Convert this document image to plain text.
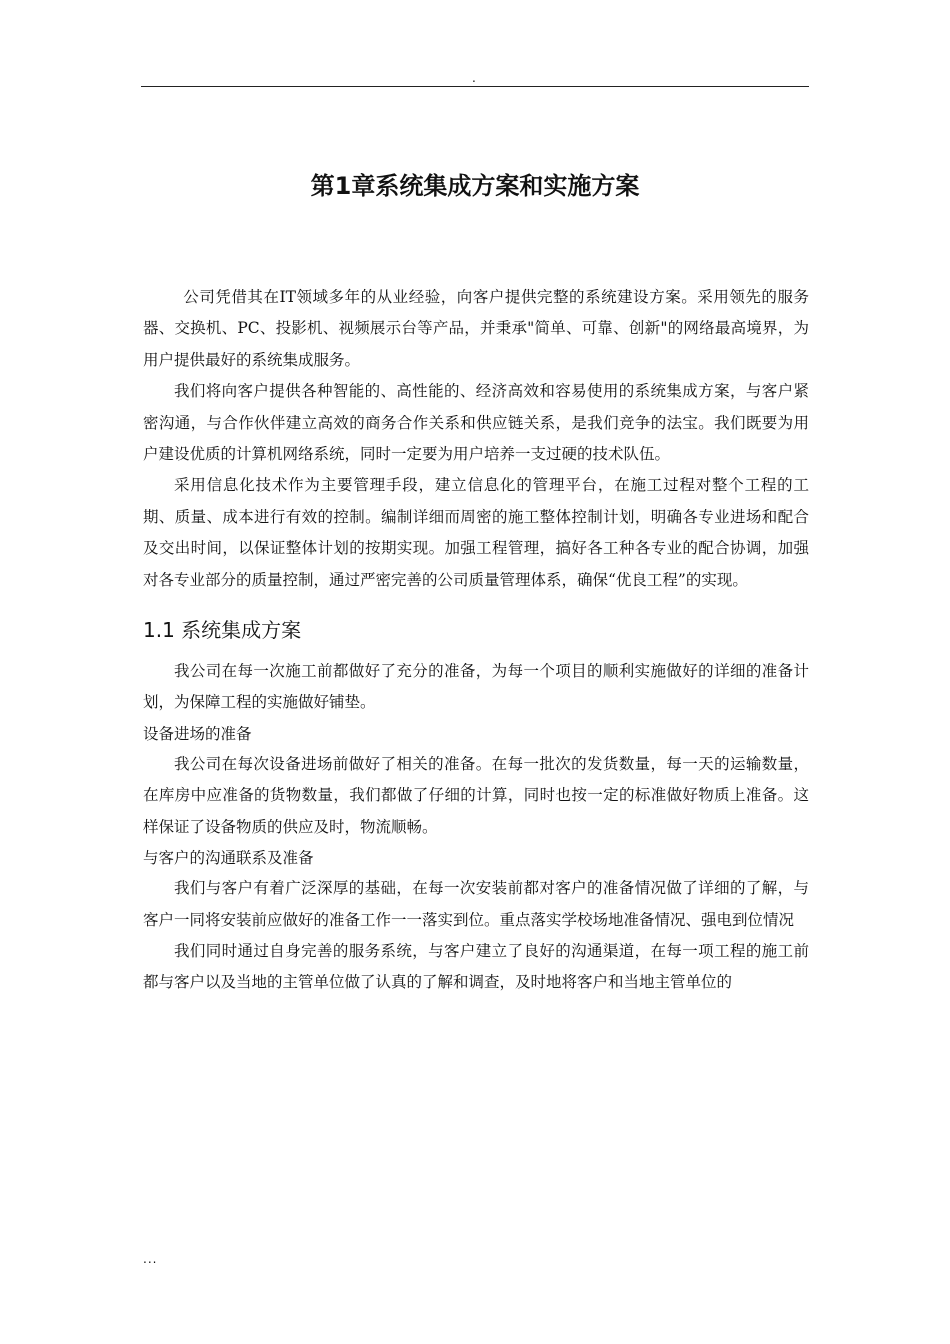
.
第1章系统集成方案和实施方案

公司凭借其在IT领域多年的从业经验，向客户提供完整的系统建设方案。采用领先的服务器、交换机、PC、投影机、视频展示台等产品，并秉承"简单、可靠、创新"的网络最高境界，为用户提供最好的系统集成服务。

我们将向客户提供各种智能的、高性能的、经济高效和容易使用的系统集成方案，与客户紧密沟通，与合作伙伴建立高效的商务合作关系和供应链关系，是我们竞争的法宝。我们既要为用户建设优质的计算机网络系统，同时一定要为用户培养一支过硬的技术队伍。

采用信息化技术作为主要管理手段，建立信息化的管理平台，在施工过程对整个工程的工期、质量、成本进行有效的控制。编制详细而周密的施工整体控制计划，明确各专业进场和配合及交出时间，以保证整体计划的按期实现。加强工程管理，搞好各工种各专业的配合协调，加强对各专业部分的质量控制，通过严密完善的公司质量管理体系，确保“优良工程”的实现。

1.1 系统集成方案

我公司在每一次施工前都做好了充分的准备，为每一个项目的顺利实施做好的详细的准备计划，为保障工程的实施做好铺垫。

设备进场的准备

我公司在每次设备进场前做好了相关的准备。在每一批次的发货数量，每一天的运输数量，在库房中应准备的货物数量，我们都做了仔细的计算，同时也按一定的标准做好物质上准备。这样保证了设备物质的供应及时，物流顺畅。

与客户的沟通联系及准备

我们与客户有着广泛深厚的基础，在每一次安装前都对客户的准备情况做了详细的了解，与客户一同将安装前应做好的准备工作一一落实到位。重点落实学校场地准备情况、强电到位情况

我们同时通过自身完善的服务系统，与客户建立了良好的沟通渠道，在每一项工程的施工前都与客户以及当地的主管单位做了认真的了解和调查，及时地将客户和当地主管单位的

...
